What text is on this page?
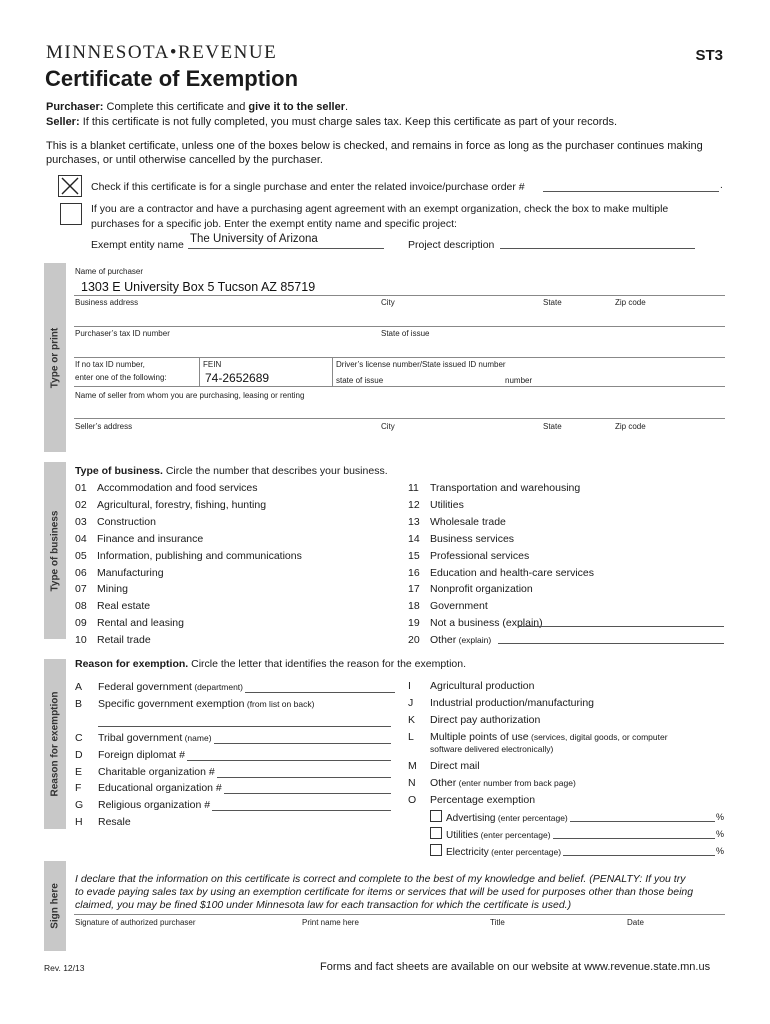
MINNESOTA•REVENUE	ST3
Certificate of Exemption
Purchaser: Complete this certificate and give it to the seller.
Seller: If this certificate is not fully completed, you must charge sales tax. Keep this certificate as part of your records.
This is a blanket certificate, unless one of the boxes below is checked, and remains in force as long as the purchaser continues making
purchases, or until otherwise cancelled by the purchaser.
Check if this certificate is for a single purchase and enter the related invoice/purchase order #	.
If you are a contractor and have a purchasing agent agreement with an exempt organization, check the box to make multiple
purchases for a specific job. Enter the exempt entity name and specific project:
Exempt entity name The University of Arizona	Project description
Type or print
Name of purchaser
1303 E University Box 5 Tucson AZ 85719
Business address	City	State	Zip code
Purchaser’s tax ID number	State of issue
If no tax ID number,
enter one of the following:
FEIN
74-2652689
Driver’s license number/State issued ID number
state of issue	number
Name of seller from whom you are purchasing, leasing or renting
Seller’s address	City	State	Zip code
Type of business
Type of business. Circle the number that describes your business.
01 Accommodation and food services
02 Agricultural, forestry, fishing, hunting
03 Construction
04 Finance and insurance
05 Information, publishing and communications
06 Manufacturing
07 Mining
08 Real estate
09 Rental and leasing
10 Retail trade
11 Transportation and warehousing
12 Utilities
13 Wholesale trade
14 Business services
15 Professional services
16 Education and health-care services
17 Nonprofit organization
18 Government
19 Not a business (explain)
20 Other (explain)
Reason for exemption
Reason for exemption. Circle the letter that identifies the reason for the exemption.
A Federal government (department)
B Specific government exemption (from list on back)
C Tribal government (name)
D Foreign diplomat #
E Charitable organization #
F Educational organization #
G Religious organization #
H Resale
I Agricultural production
J Industrial production/manufacturing
K Direct pay authorization
L Multiple points of use (services, digital goods, or computer
software delivered electronically)
M Direct mail
N Other (enter number from back page)
O Percentage exemption
Advertising (enter percentage)	%
Utilities (enter percentage)	%
Electricity (enter percentage)	%
Sign here
I declare that the information on this certificate is correct and complete to the best of my knowledge and belief. (PENALTY: If you try
to evade paying sales tax by using an exemption certificate for items or services that will be used for purposes other than those being
claimed, you may be fined $100 under Minnesota law for each transaction for which the certificate is used.)
Signature of authorized purchaser	Print name here	Title	Date
Rev. 12/13	Forms and fact sheets are available on our website at www.revenue.state.mn.us
